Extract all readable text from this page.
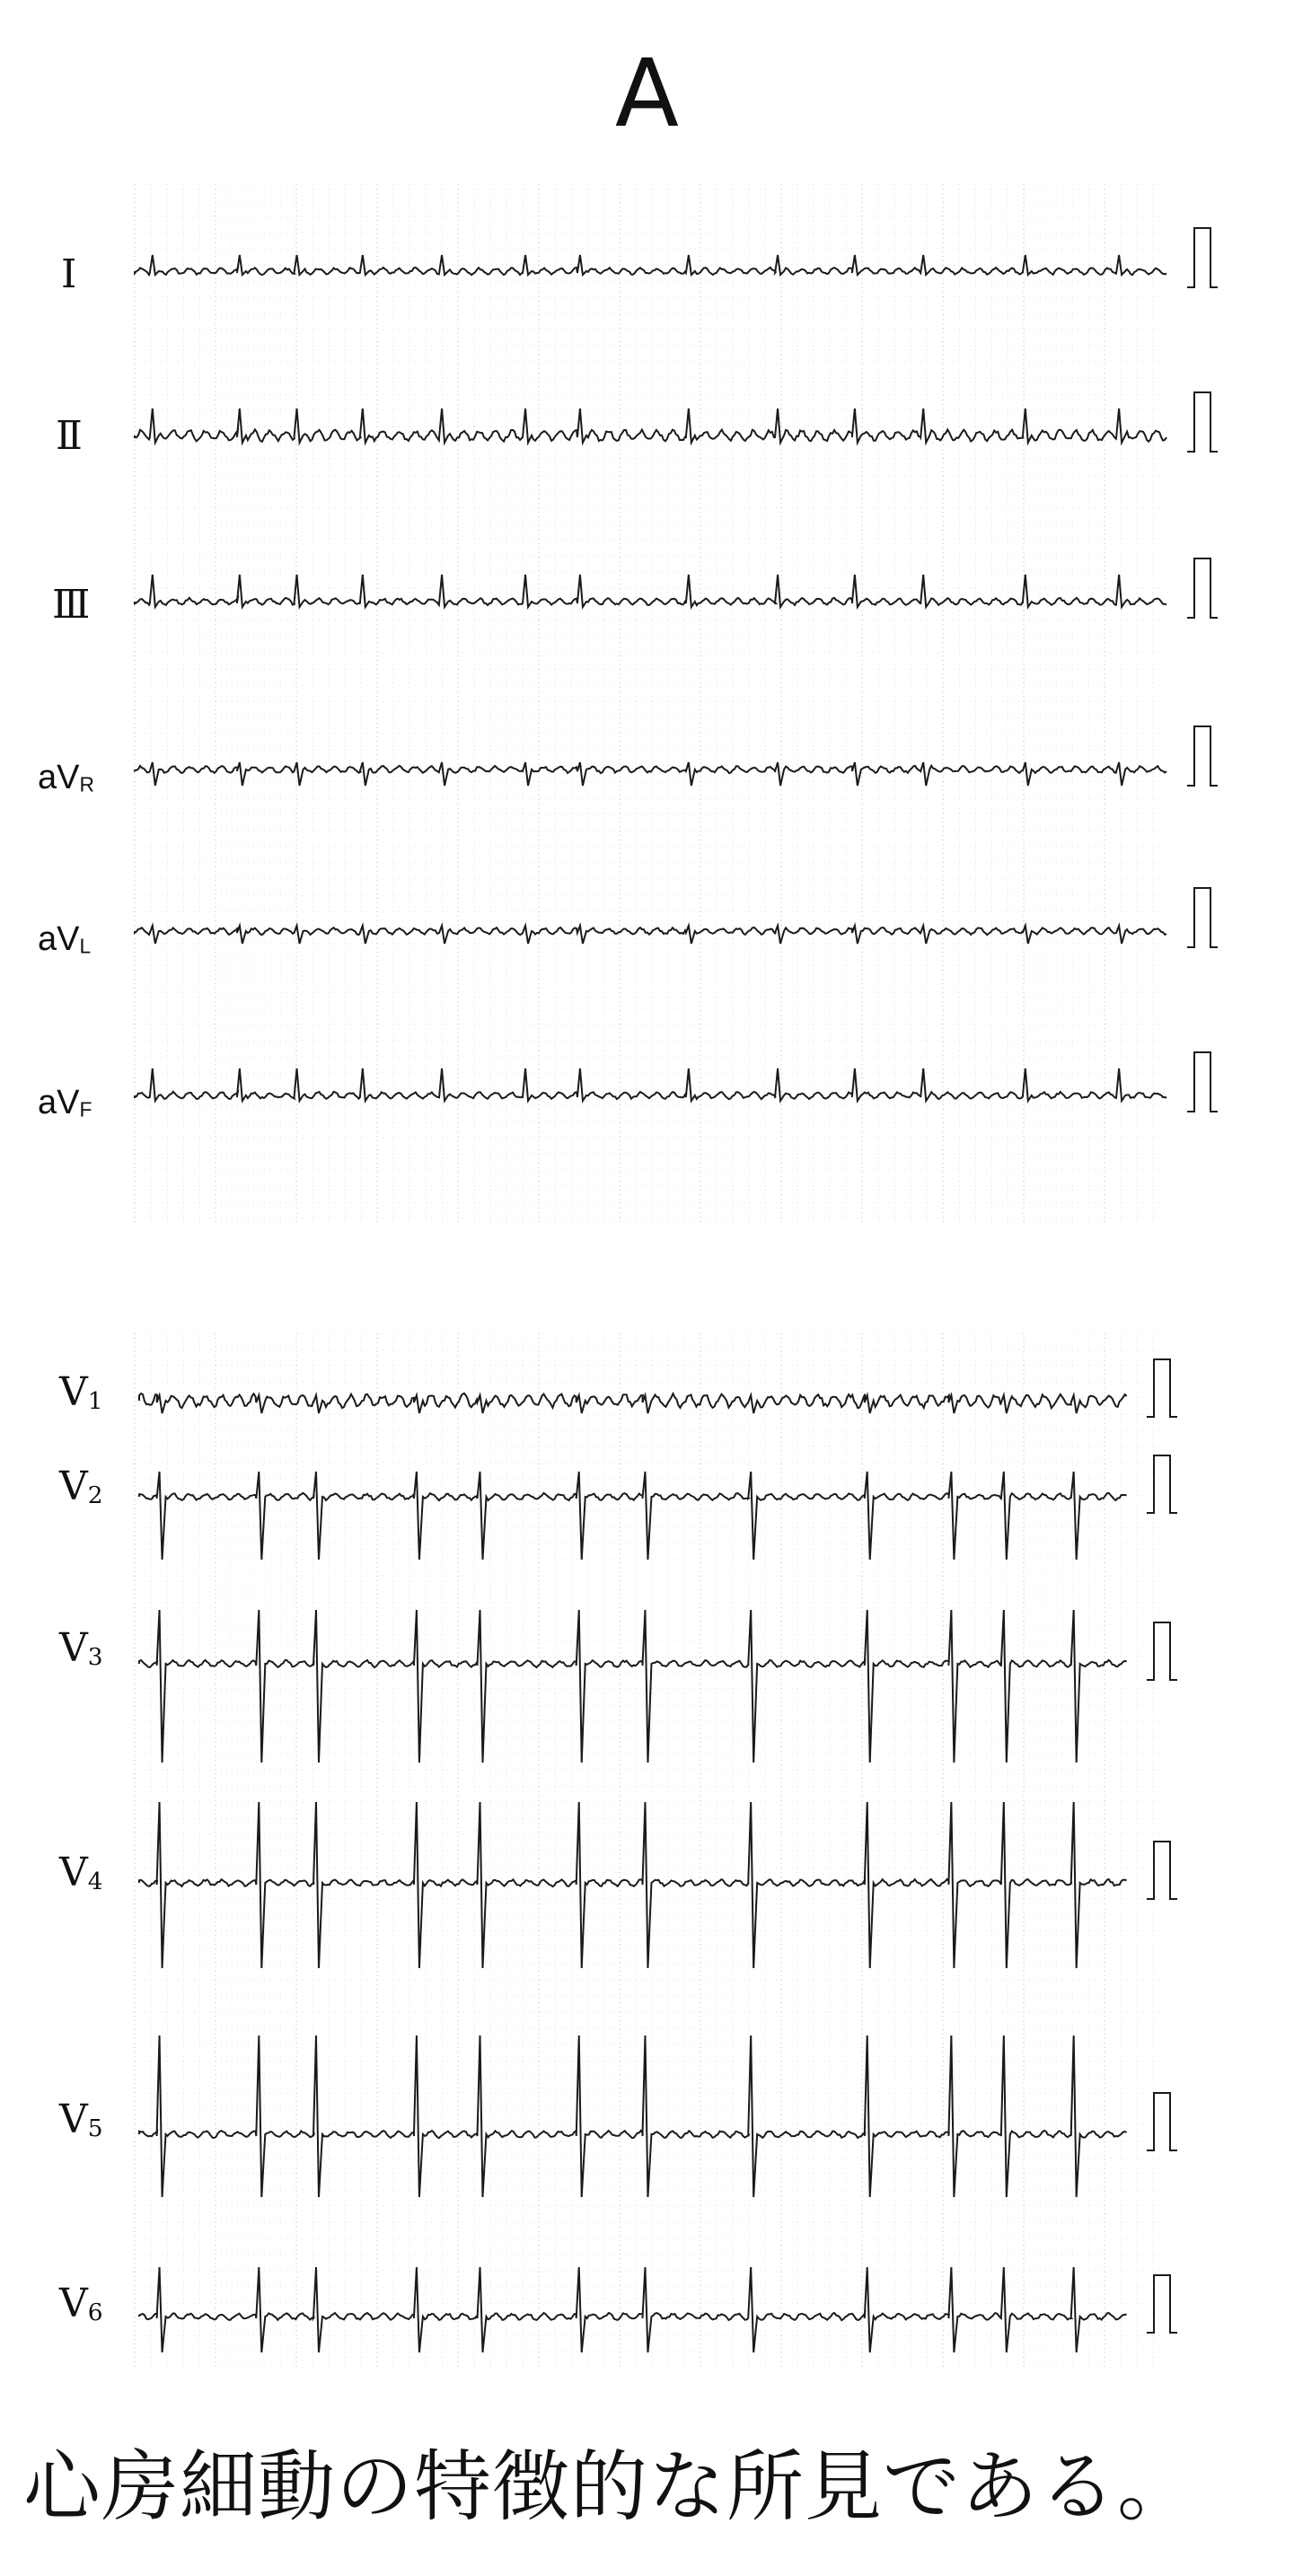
A
Ⅰ
Ⅱ
Ⅲ
aVR
aVL
aVF
V1
V2
V3
V4
V5
V6
心房細動の特徴的な所見である。
